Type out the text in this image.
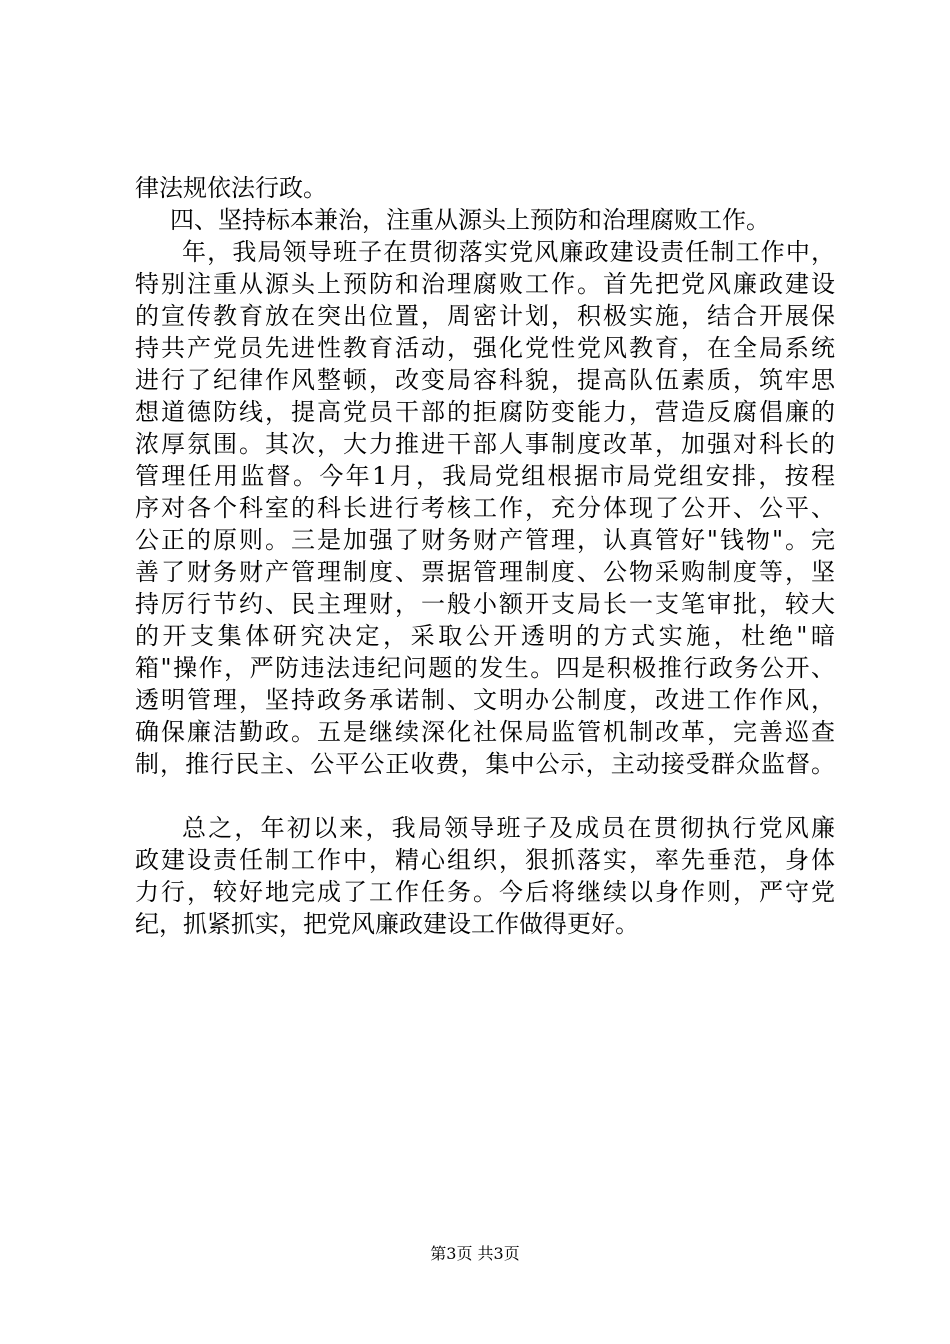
律法规依法行政。
四、坚持标本兼治，注重从源头上预防和治理腐败工作。
年，我局领导班子在贯彻落实党风廉政建设责任制工作中，
特别注重从源头上预防和治理腐败工作。首先把党风廉政建设
的宣传教育放在突出位置，周密计划，积极实施，结合开展保
持共产党员先进性教育活动，强化党性党风教育，在全局系统
进行了纪律作风整顿，改变局容科貌，提高队伍素质，筑牢思
想道德防线，提高党员干部的拒腐防变能力，营造反腐倡廉的
浓厚氛围。其次，大力推进干部人事制度改革，加强对科长的
管理任用监督。今年1月，我局党组根据市局党组安排，按程
序对各个科室的科长进行考核工作，充分体现了公开、公平、
公正的原则。三是加强了财务财产管理，认真管好"钱物"。完
善了财务财产管理制度、票据管理制度、公物采购制度等，坚
持厉行节约、民主理财，一般小额开支局长一支笔审批，较大
的开支集体研究决定，采取公开透明的方式实施，杜绝"暗
箱"操作，严防违法违纪问题的发生。四是积极推行政务公开、
透明管理，坚持政务承诺制、文明办公制度，改进工作作风，
确保廉洁勤政。五是继续深化社保局监管机制改革，完善巡查
制，推行民主、公平公正收费，集中公示，主动接受群众监督。
总之，年初以来，我局领导班子及成员在贯彻执行党风廉
政建设责任制工作中，精心组织，狠抓落实，率先垂范，身体
力行，较好地完成了工作任务。今后将继续以身作则，严守党
纪，抓紧抓实，把党风廉政建设工作做得更好。
第3页 共3页
